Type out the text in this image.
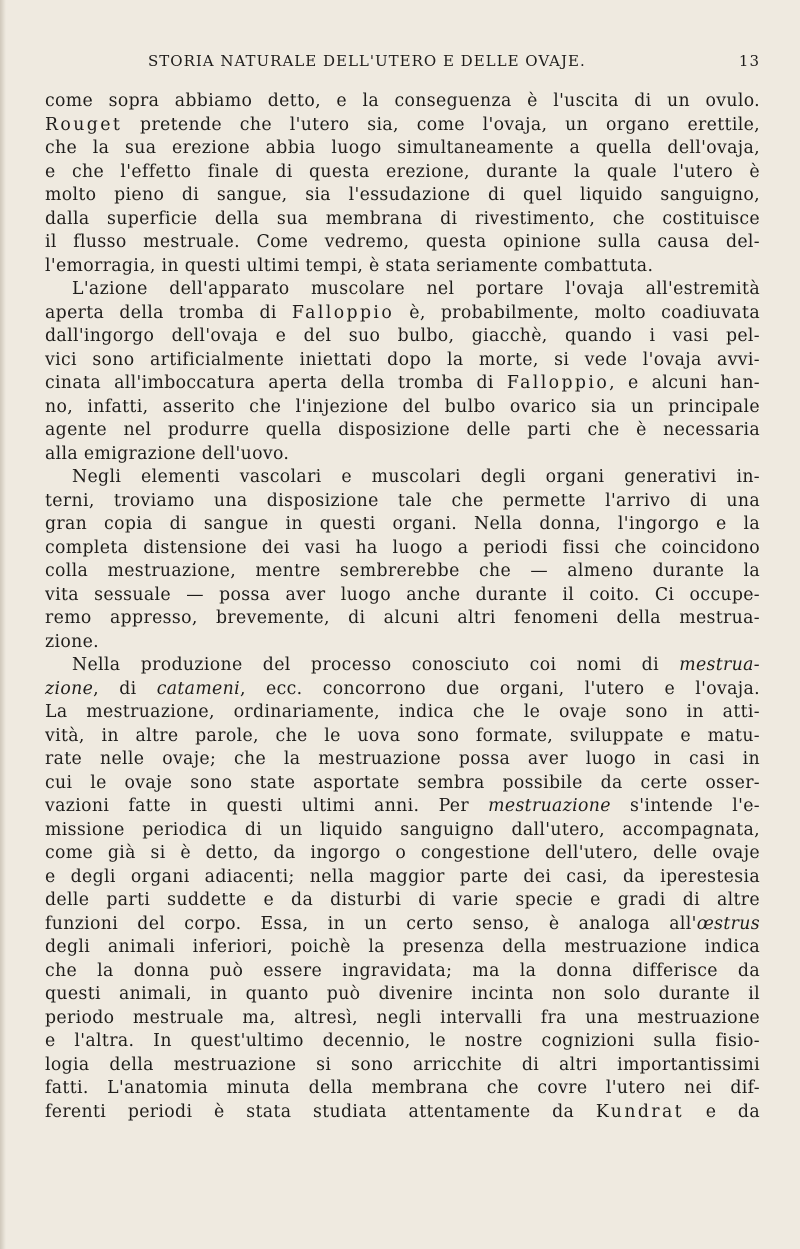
STORIA NATURALE DELL'UTERO E DELLE OVAJE.	13
come sopra abbiamo detto, e la conseguenza è l'uscita di un ovulo.
Rouget pretende che l'utero sia, come l'ovaja, un organo erettile,
che la sua erezione abbia luogo simultaneamente a quella dell'ovaja,
e che l'effetto finale di questa erezione, durante la quale l'utero è
molto pieno di sangue, sia l'essudazione di quel liquido sanguigno,
dalla superficie della sua membrana di rivestimento, che costituisce
il flusso mestruale. Come vedremo, questa opinione sulla causa del-
l'emorragia, in questi ultimi tempi, è stata seriamente combattuta.
L'azione dell'apparato muscolare nel portare l'ovaja all'estremità
aperta della tromba di Falloppio è, probabilmente, molto coadiuvata
dall'ingorgo dell'ovaja e del suo bulbo, giacchè, quando i vasi pel-
vici sono artificialmente iniettati dopo la morte, si vede l'ovaja avvi-
cinata all'imboccatura aperta della tromba di Falloppio, e alcuni han-
no, infatti, asserito che l'injezione del bulbo ovarico sia un principale
agente nel produrre quella disposizione delle parti che è necessaria
alla emigrazione dell'uovo.
Negli elementi vascolari e muscolari degli organi generativi in-
terni, troviamo una disposizione tale che permette l'arrivo di una
gran copia di sangue in questi organi. Nella donna, l'ingorgo e la
completa distensione dei vasi ha luogo a periodi fissi che coincidono
colla mestruazione, mentre sembrerebbe che — almeno durante la
vita sessuale — possa aver luogo anche durante il coito. Ci occupe-
remo appresso, brevemente, di alcuni altri fenomeni della mestrua-
zione.
Nella produzione del processo conosciuto coi nomi di mestrua-
zione, di catameni, ecc. concorrono due organi, l'utero e l'ovaja.
La mestruazione, ordinariamente, indica che le ovaje sono in atti-
vità, in altre parole, che le uova sono formate, sviluppate e matu-
rate nelle ovaje; che la mestruazione possa aver luogo in casi in
cui le ovaje sono state asportate sembra possibile da certe osser-
vazioni fatte in questi ultimi anni. Per mestruazione s'intende l'e-
missione periodica di un liquido sanguigno dall'utero, accompagnata,
come già si è detto, da ingorgo o congestione dell'utero, delle ovaje
e degli organi adiacenti; nella maggior parte dei casi, da iperestesia
delle parti suddette e da disturbi di varie specie e gradi di altre
funzioni del corpo. Essa, in un certo senso, è analoga all'œstrus
degli animali inferiori, poichè la presenza della mestruazione indica
che la donna può essere ingravidata; ma la donna differisce da
questi animali, in quanto può divenire incinta non solo durante il
periodo mestruale ma, altresì, negli intervalli fra una mestruazione
e l'altra. In quest'ultimo decennio, le nostre cognizioni sulla fisio-
logia della mestruazione si sono arricchite di altri importantissimi
fatti. L'anatomia minuta della membrana che covre l'utero nei dif-
ferenti periodi è stata studiata attentamente da Kundrat e da
